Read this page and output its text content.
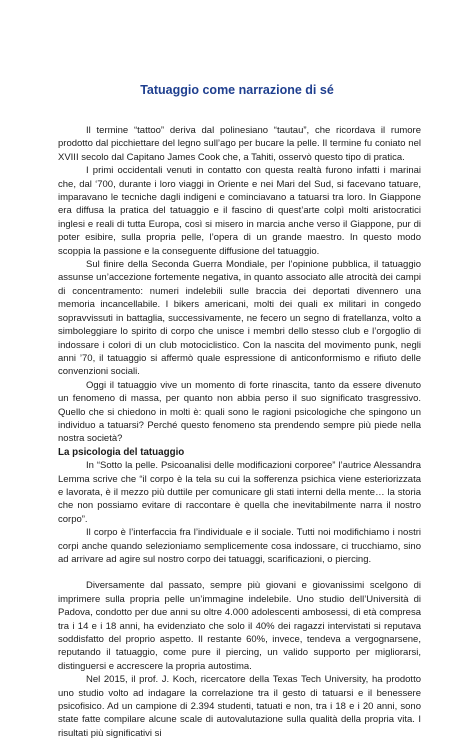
Tatuaggio come narrazione di sé

Il termine “tattoo” deriva dal polinesiano “tautau”, che ricordava il rumore prodotto dal picchiettare del legno sull’ago per bucare la pelle. Il termine fu coniato nel XVIII secolo dal Capitano James Cook che, a Tahiti, osservò questo tipo di pratica.

I primi occidentali venuti in contatto con questa realtà furono infatti i marinai che, dal ‘700, durante i loro viaggi in Oriente e nei Mari del Sud, si facevano tatuare, imparavano le tecniche dagli indigeni e cominciavano a tatuarsi tra loro. In Giappone era diffusa la pratica del tatuaggio e il fascino di quest’arte colpì molti aristocratici inglesi e reali di tutta Europa, così si misero in marcia anche verso il Giappone, pur di poter esibire, sulla propria pelle, l’opera di un grande maestro. In questo modo scoppia la passione e la conseguente diffusione del tatuaggio.

Sul finire della Seconda Guerra Mondiale, per l’opinione pubblica, il tatuaggio assunse un’accezione fortemente negativa, in quanto associato alle atrocità dei campi di concentramento: numeri indelebili sulle braccia dei deportati divennero una memoria incancellabile. I bikers americani, molti dei quali ex militari in congedo sopravvissuti in battaglia, successivamente, ne fecero un segno di fratellanza, volto a simboleggiare lo spirito di corpo che unisce i membri dello stesso club e l’orgoglio di indossare i colori di un club motociclistico. Con la nascita del movimento punk, negli anni ’70, il tatuaggio si affermò quale espressione di anticonformismo e rifiuto delle convenzioni sociali.

Oggi il tatuaggio vive un momento di forte rinascita, tanto da essere divenuto un fenomeno di massa, per quanto non abbia perso il suo significato trasgressivo. Quello che si chiedono in molti è: quali sono le ragioni psicologiche che spingono un individuo a tatuarsi? Perché questo fenomeno sta prendendo sempre più piede nella nostra società?

La psicologia del tatuaggio

In “Sotto la pelle. Psicoanalisi delle modificazioni corporee” l’autrice Alessandra Lemma scrive che “il corpo è la tela su cui la sofferenza psichica viene esteriorizzata e lavorata, è il mezzo più duttile per comunicare gli stati interni della mente… la storia che non possiamo evitare di raccontare è quella che inevitabilmente narra il nostro corpo”.

Il corpo è l’interfaccia fra l’individuale e il sociale. Tutti noi modifichiamo i nostri corpi anche quando selezioniamo semplicemente cosa indossare, ci trucchiamo, sino ad arrivare ad agire sul nostro corpo dei tatuaggi, scarificazioni, o piercing.

Diversamente dal passato, sempre più giovani e giovanissimi scelgono di imprimere sulla propria pelle un’immagine indelebile. Uno studio dell’Università di Padova, condotto per due anni su oltre 4.000 adolescenti ambosessi, di età compresa tra i 14 e i 18 anni, ha evidenziato che solo il 40% dei ragazzi intervistati si reputava soddisfatto del proprio aspetto. Il restante 60%, invece, tendeva a vergognarsene, reputando il tatuaggio, come pure il piercing, un valido supporto per migliorarsi, distinguersi e accrescere la propria autostima.

Nel 2015, il prof. J. Koch, ricercatore della Texas Tech University, ha prodotto uno studio volto ad indagare la correlazione tra il gesto di tatuarsi e il benessere psicofisico. Ad un campione di 2.394 studenti, tatuati e non, tra i 18 e i 20 anni, sono state fatte compilare alcune scale di autovalutazione sulla qualità della propria vita. I risultati più significativi si
